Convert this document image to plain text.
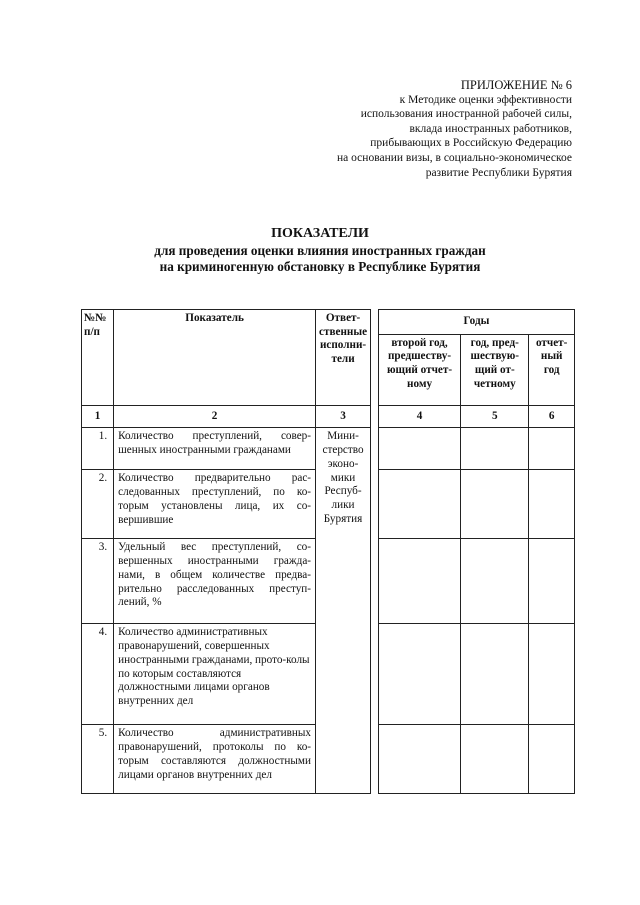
ПРИЛОЖЕНИЕ № 6
к Методике оценки эффективности
использования иностранной рабочей силы,
вклада иностранных работников,
прибывающих в Российскую Федерацию
на основании визы, в социально-экономическое
развитие Республики Бурятия
ПОКАЗАТЕЛИ
для проведения оценки влияния иностранных граждан
на криминогенную обстановку в Республике Бурятия
№№ п/п	Показатель	Ответ-ственные исполни-тели		Годы		
				второй год, предшеству-ющий отчет-ному	год, пред-шествую-щий от-четному	отчет-ный год
1	2	3		4	5	6
1.	Количество преступлений, совер-шенных иностранными гражданами	Мини-стерство эконо-мики Респуб-лики Бурятия				
2.	Количество предварительно рас-следованных преступлений, по ко-торым установлены лица, их со-вершившие					
3.	Удельный вес преступлений, со-вершенных иностранными гражда-нами, в общем количестве предва-рительно расследованных преступ-лений, %					
4.	Количество административных правонарушений, совершенных иностранными гражданами, прото-колы по которым составляются должностными лицами органов внутренних дел					
5.	Количество административных правонарушений, протоколы по ко-торым составляются должностными лицами органов внутренних дел					
